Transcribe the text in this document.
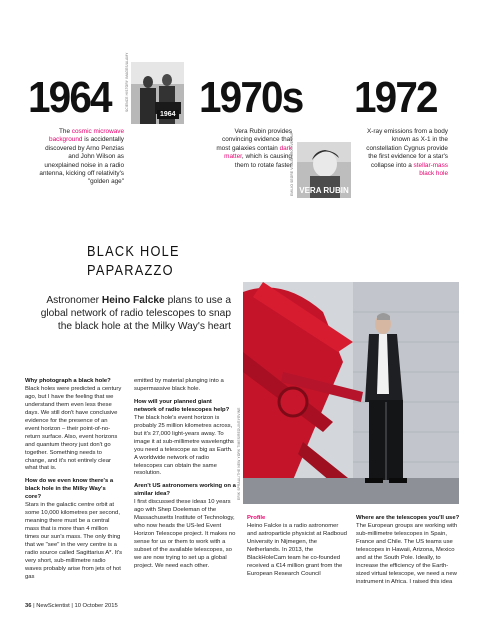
1964	1964
SCIENCE HISTORY IMAGES/ALAMY
The cosmic microwave background is accidentally discovered by Arno Penzias and John Wilson as unexplained noise in a radio antenna, kicking off relativity's "golden age"
1970s
Vera Rubin provides convincing evidence that most galaxies contain dark matter, which is causing them to rotate faster
VERA RUBIN
EMILIO SEGRE VISUAL ARCHIVES/AIP
1972
X-ray emissions from a body known as X-1 in the constellation Cygnus provide the first evidence for a star's collapse into a stellar-mass black hole
BLACK HOLE
PAPARAZZO
Astronomer Heino Falcke plans to use a global network of radio telescopes to snap the black hole at the Milky Way's heart
ERIK SPRAUL/THE NEW YORK TIMES/REDUX/EYEVINE
Why photograph a black hole?
Black holes were predicted a century ago, but I have the feeling that we understand them even less these days. We still don't have conclusive evidence for the presence of an event horizon – their point-of-no-return surface. Also, event horizons and quantum theory just don't go together. Something needs to change, and it's not entirely clear what that is.
How do we even know there's a black hole in the Milky Way's core?
Stars in the galactic centre orbit at some 10,000 kilometres per second, meaning there must be a central mass that is more than 4 million times our sun's mass. The only thing that we "see" in the very centre is a radio source called Sagittarius A*. It's very short, sub-millimetre radio waves probably arise from jets of hot gas
emitted by material plunging into a supermassive black hole.
How will your planned giant network of radio telescopes help?
The black hole's event horizon is probably 25 million kilometres across, but it's 27,000 light-years away. To image it at sub-millimetre wavelengths you need a telescope as big as Earth. A worldwide network of radio telescopes can obtain the same resolution.
Aren't US astronomers working on a similar idea?
I first discussed these ideas 10 years ago with Shep Doeleman of the Massachusetts Institute of Technology, who now heads the US-led Event Horizon Telescope project. It makes no sense for us or them to work with a subset of the available telescopes, so we are now trying to set up a global project. We need each other.
Profile
Heino Falcke is a radio astronomer and astroparticle physicist at Radboud University in Nijmegen, the Netherlands. In 2013, the BlackHoleCam team he co-founded received a €14 million grant from the European Research Council
Where are the telescopes you'll use?
The European groups are working with sub-millimetre telescopes in Spain, France and Chile. The US teams use telescopes in Hawaii, Arizona, Mexico and at the South Pole. Ideally, to increase the efficiency of the Earth-sized virtual telescope, we need a new instrument in Africa. I raised this idea
36 | NewScientist | 10 October 2015
